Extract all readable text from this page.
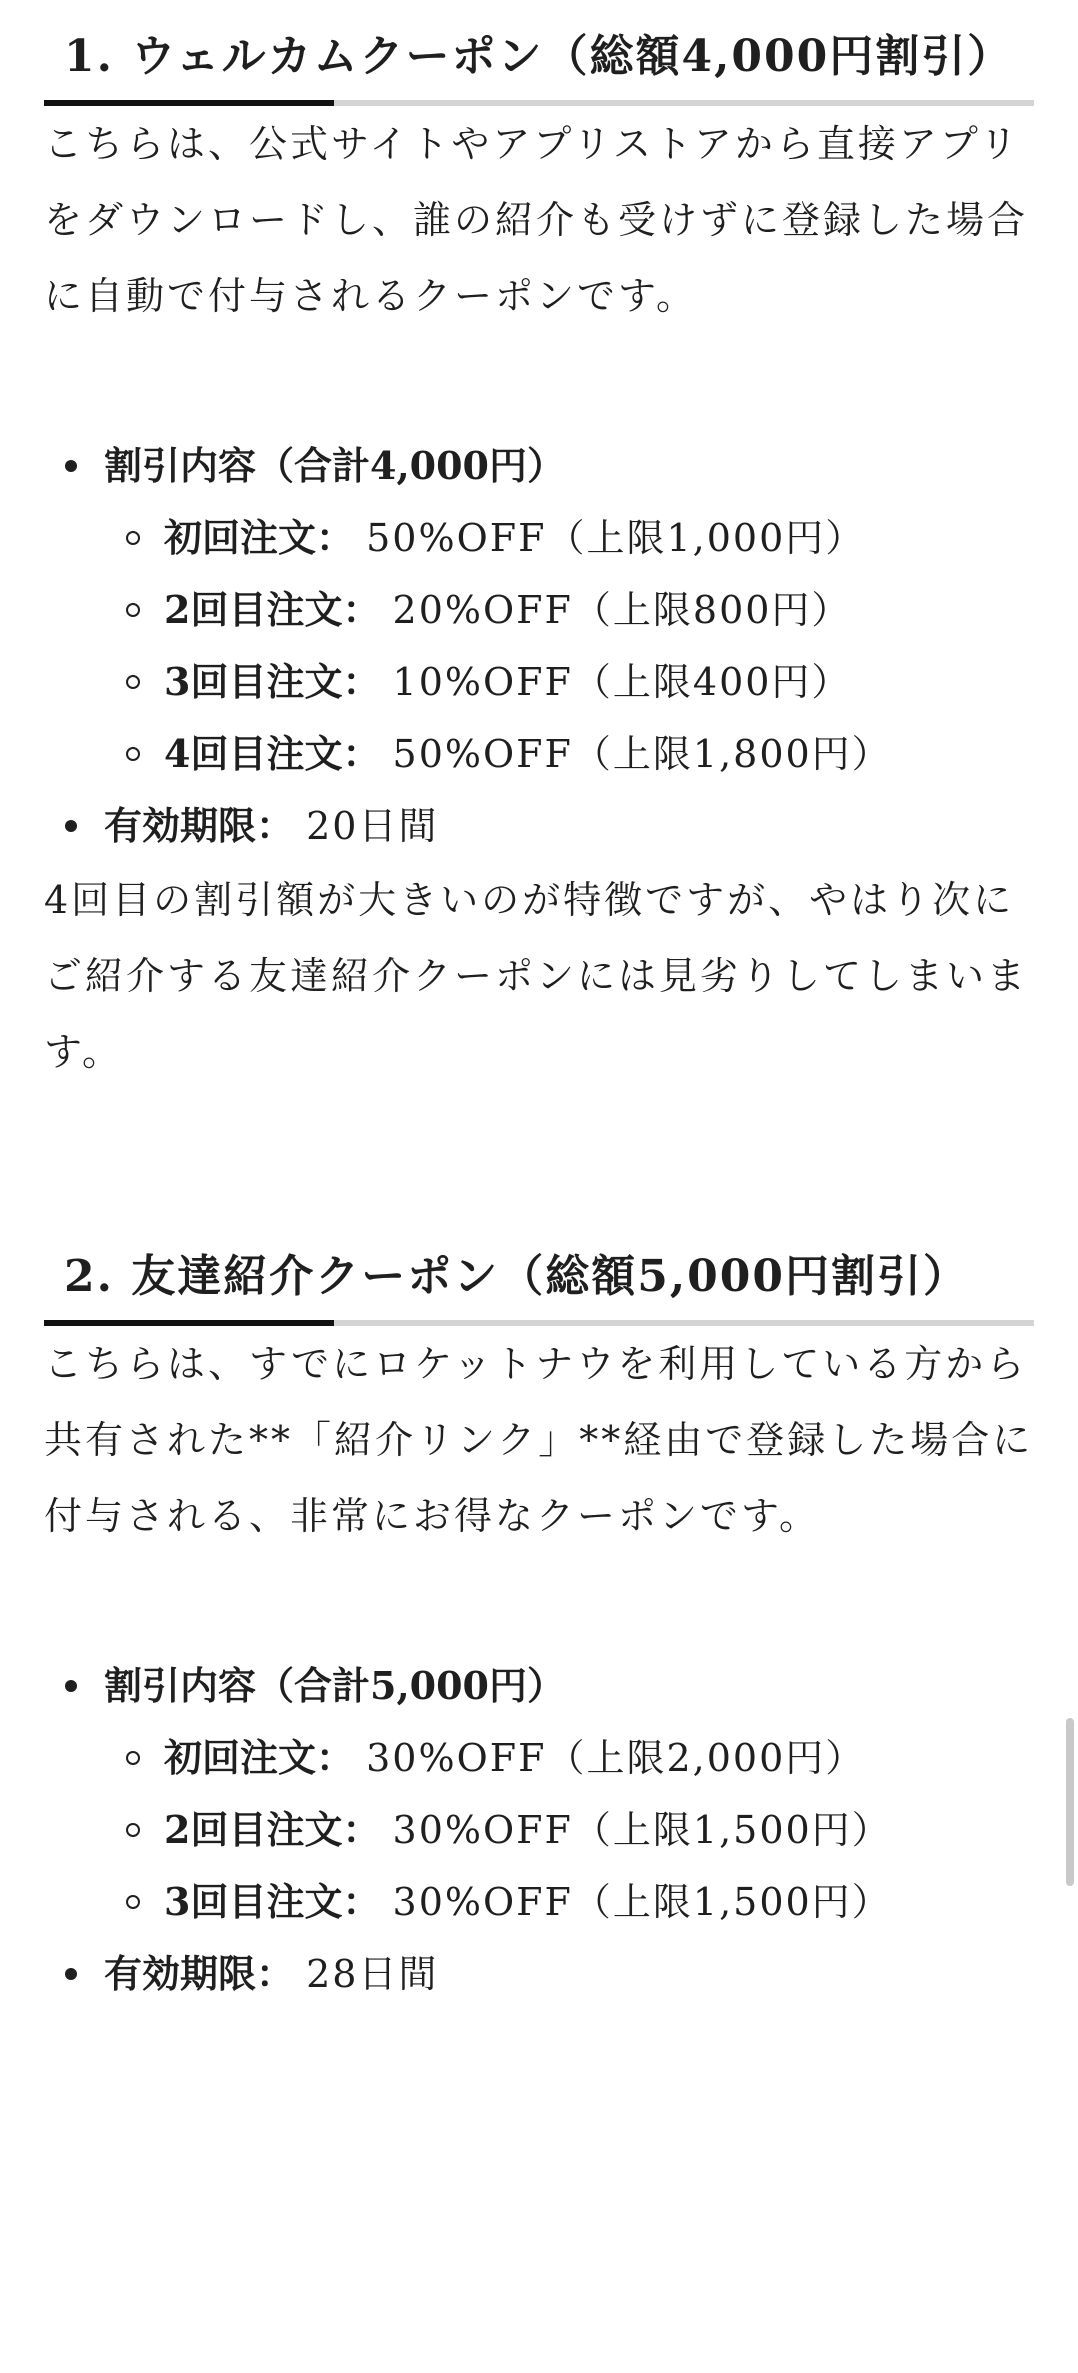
1. ウェルカムクーポン（総額4,000円割引）

こちらは、公式サイトやアプリストアから直接アプリをダウンロードし、誰の紹介も受けずに登録した場合に自動で付与されるクーポンです。

割引内容（合計4,000円）
初回注文： 50%OFF（上限1,000円）
2回目注文： 20%OFF（上限800円）
3回目注文： 10%OFF（上限400円）
4回目注文： 50%OFF（上限1,800円）
有効期限： 20日間

4回目の割引額が大きいのが特徴ですが、やはり次にご紹介する友達紹介クーポンには見劣りしてしまいます。

2. 友達紹介クーポン（総額5,000円割引）

こちらは、すでにロケットナウを利用している方から共有された**「紹介リンク」**経由で登録した場合に付与される、非常にお得なクーポンです。

割引内容（合計5,000円）
初回注文： 30%OFF（上限2,000円）
2回目注文： 30%OFF（上限1,500円）
3回目注文： 30%OFF（上限1,500円）
有効期限： 28日間
